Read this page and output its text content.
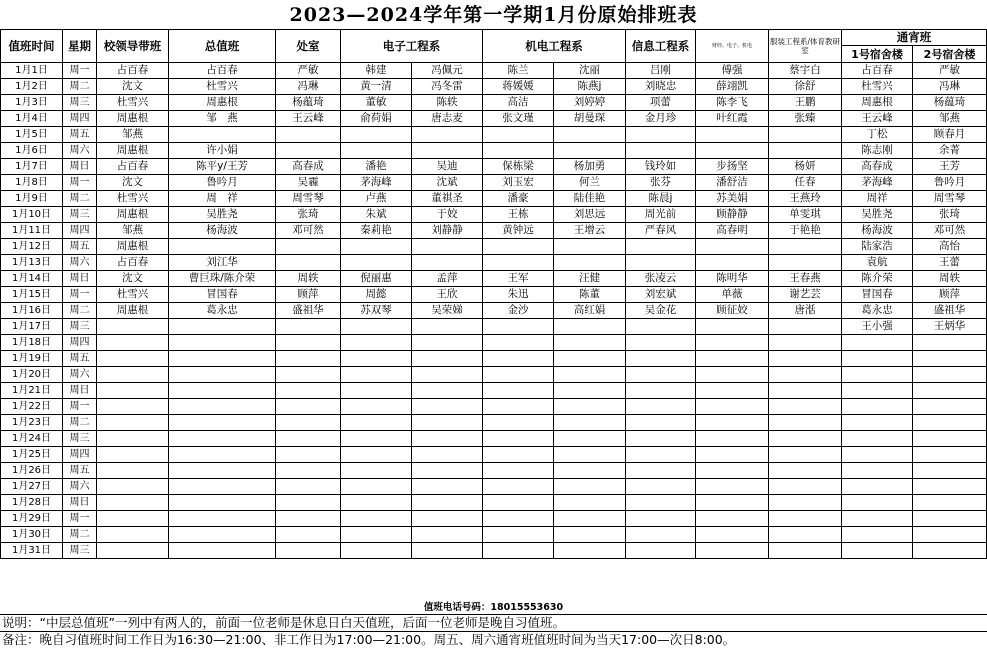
2023—2024学年第一学期1月份原始排班表
值班时间	星期	校领导带班	总值班	处室	电子工程系		机电工程系		信息工程系	财经、电子、机电	服装工程系/体育教研室	通宵班	
												1号宿舍楼	2号宿舍楼
1月1日	周一	占百春	占百春	严敏	韩建	冯佩元	陈兰	沈丽	吕刚	傅强	蔡宇白	占百春	严敏
1月2日	周二	沈文	杜雪兴	冯琳	黄一清	冯冬雷	蒋媛媛	陈燕j	刘晓忠	薛翊凯	徐舒	杜雪兴	冯琳
1月3日	周三	杜雪兴	周惠根	杨蕴琦	董敏	陈轶	高洁	刘婷婷	项蕾	陈李飞	王鹏	周惠根	杨蕴琦
1月4日	周四	周惠根	邹　燕	王云峰	俞荷娟	唐志麦	张文瑾	胡曼琛	金月珍	叶红霞	张臻	王云峰	邹燕
1月5日	周五	邹燕										丁松	顾春月
1月6日	周六	周惠根	许小娟									陈志刚	余菁
1月7日	周日	占百春	陈平y/王芳	高春成	潘艳	吴迪	保栋梁	杨加勇	钱玲如	步扬坚	杨妍	高春成	王芳
1月8日	周一	沈文	鲁吟月	吴霾	茅海峰	沈斌	刘玉宏	何兰	张芬	潘舒洁	任春	茅海峰	鲁吟月
1月9日	周二	杜雪兴	周　祥	周雪琴	卢燕	董祺圣	潘豪	陆佳艳	陈晨j	苏美娟	王燕玲	周祥	周雪琴
1月10日	周三	周惠根	吴胜尧	张琦	朱斌	于姣	王栋	刘思远	周光前	顾静静	单雯琪	吴胜尧	张琦
1月11日	周四	邹燕	杨海波	邓可然	秦莉艳	刘静静	黄钟远	王增云	严春风	高春明	于艳艳	杨海波	邓可然
1月12日	周五	周惠根										陆家浩	高怡
1月13日	周六	占百春	刘江华									袁航	王蕾
1月14日	周日	沈文	曹巨珠/陈介荣	周轶	倪丽惠	孟萍	王军	汪健	张凌云	陈明华	王春燕	陈介荣	周轶
1月15日	周一	杜雪兴	冒国春	顾萍	周懿	王欣	朱迅	陈董	刘宏斌	单薇	谢艺芸	冒国春	顾萍
1月16日	周二	周惠根	葛永忠	盛祖华	苏双琴	吴荣娣	金沙	高红娟	吴金花	顾征姣	唐湉	葛永忠	盛祖华
1月17日	周三											王小强	王炳华
1月18日	周四												
1月19日	周五												
1月20日	周六												
1月21日	周日												
1月22日	周一												
1月23日	周二												
1月24日	周三												
1月25日	周四												
1月26日	周五												
1月27日	周六												
1月28日	周日												
1月29日	周一												
1月30日	周二												
1月31日	周三												
值班电话号码：18015553630
说明：“中层总值班”一列中有两人的，前面一位老师是休息日白天值班，后面一位老师是晚自习值班。
备注：晚自习值班时间工作日为16:30—21:00、非工作日为17:00—21:00。周五、周六通宵班值班时间为当天17:00—次日8:00。
